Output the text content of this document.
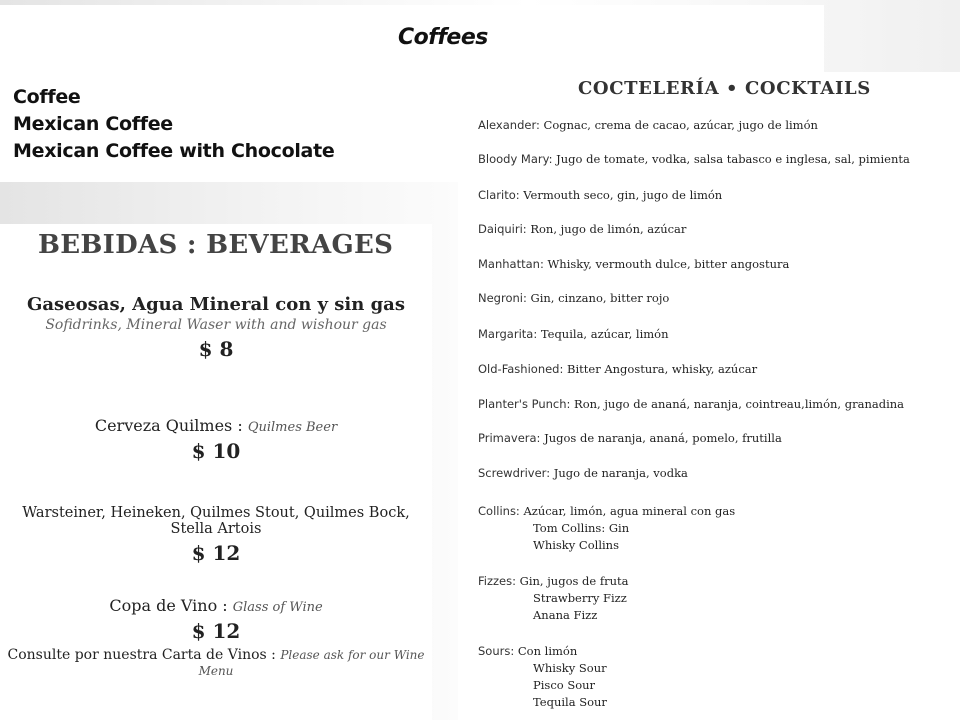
Coffees
Coffee
Mexican Coffee
Mexican Coffee with Chocolate
BEBIDAS : BEVERAGES
Gaseosas, Agua Mineral con y sin gas
Sofidrinks, Mineral Waser with and wishour gas
$ 8
Cerveza Quilmes : Quilmes Beer
$ 10
Warsteiner, Heineken, Quilmes Stout, Quilmes Bock, Stella Artois
$ 12
Copa de Vino : Glass of Wine
$ 12
Consulte por nuestra Carta de Vinos : Please ask for our Wine Menu
COCTELERÍA • COCKTAILS
Alexander: Cognac, crema de cacao, azúcar, jugo de limón
Bloody Mary: Jugo de tomate, vodka, salsa tabasco e inglesa, sal, pimienta
Clarito: Vermouth seco, gin, jugo de limón
Daiquiri: Ron, jugo de limón, azúcar
Manhattan: Whisky, vermouth dulce, bitter angostura
Negroni: Gin, cinzano, bitter rojo
Margarita: Tequila, azúcar, limón
Old-Fashioned: Bitter Angostura, whisky, azúcar
Planter's Punch: Ron, jugo de ananá, naranja, cointreau,limón, granadina
Primavera: Jugos de naranja, ananá, pomelo, frutilla
Screwdriver: Jugo de naranja, vodka
Collins: Azúcar, limón, agua mineral con gas
Tom Collins: Gin
Whisky Collins
Fizzes: Gin, jugos de fruta
Strawberry Fizz
Anana Fizz
Sours: Con limón
Whisky Sour
Pisco Sour
Tequila Sour
